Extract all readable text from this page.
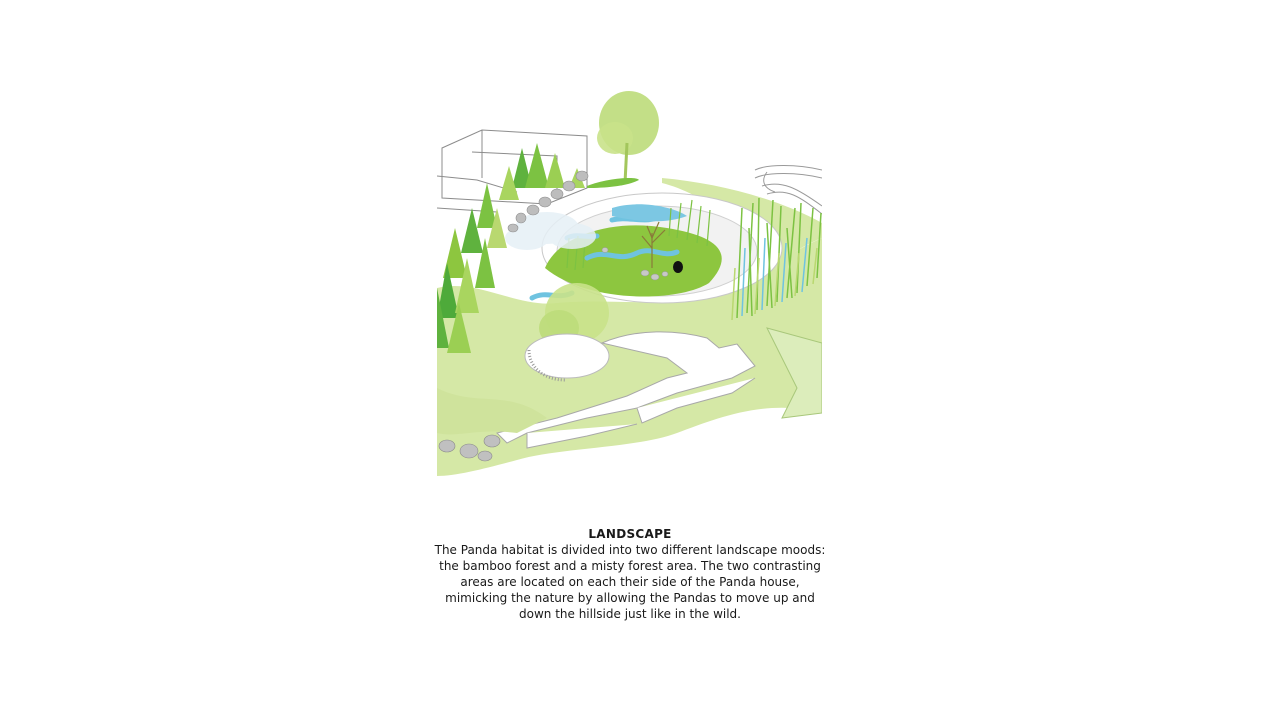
LANDSCAPE
The Panda habitat is divided into two different landscape moods: the bamboo forest and a misty forest area. The two contrasting areas are located on each their side of the Panda house, mimicking the nature by allowing the Pandas to move up and down the hillside just like in the wild.
